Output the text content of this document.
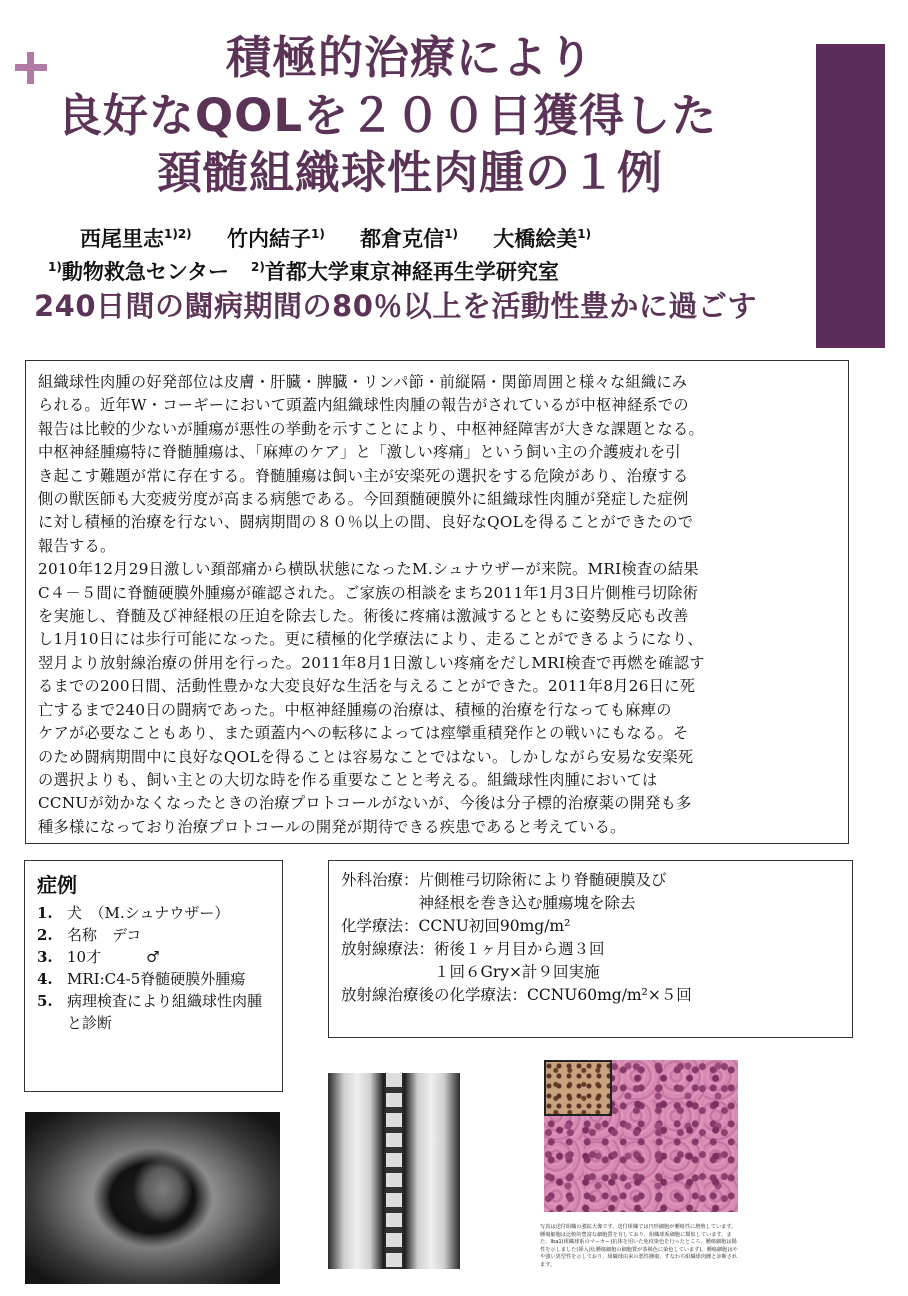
積極的治療により
良好なQOLを２００日獲得した
頚髄組織球性肉腫の１例
西尾里志$^{1)2)}$ 竹内結子$^{1)}$ 都倉克信$^{1)}$ 大橋絵美$^{1)}$
$^{1)}$動物救急センター $^{2)}$首都大学東京神経再生学研究室
240日間の闘病期間の80％以上を活動性豊かに過ごす

組織球性肉腫の好発部位は皮膚・肝臓・脾臓・リンパ節・前縦隔・関節周囲と様々な組織にみ

られる。近年W・コーギーにおいて頭蓋内組織球性肉腫の報告がされているが中枢神経系での

報告は比較的少ないが腫瘍が悪性の挙動を示すことにより、中枢神経障害が大きな課題となる。

中枢神経腫瘍特に脊髄腫瘍は、「麻痺のケア」と「激しい疼痛」という飼い主の介護疲れを引

き起こす難題が常に存在する。脊髄腫瘍は飼い主が安楽死の選択をする危険があり、治療する

側の獣医師も大変疲労度が高まる病態である。今回頚髄硬膜外に組織球性肉腫が発症した症例

に対し積極的治療を行ない、闘病期間の８０％以上の間、良好なQOLを得ることができたので

報告する。

2010年12月29日激しい頚部痛から横臥状態になったM.シュナウザーが来院。MRI検査の結果

C４－５間に脊髄硬膜外腫瘍が確認された。ご家族の相談をまち2011年1月3日片側椎弓切除術

を実施し、脊髄及び神経根の圧迫を除去した。術後に疼痛は激減するとともに姿勢反応も改善

し1月10日には歩行可能になった。更に積極的化学療法により、走ることができるようになり、

翌月より放射線治療の併用を行った。2011年8月1日激しい疼痛をだしMRI検査で再燃を確認す

るまでの200日間、活動性豊かな大変良好な生活を与えることができた。2011年8月26日に死

亡するまで240日の闘病であった。中枢神経腫瘍の治療は、積極的治療を行なっても麻痺の

ケアが必要なこともあり、また頭蓋内への転移によっては痙攣重積発作との戦いにもなる。そ

のため闘病期間中に良好なQOLを得ることは容易なことではない。しかしながら安易な安楽死

の選択よりも、飼い主との大切な時を作る重要なことと考える。組織球性肉腫においては

CCNUが効かなくなったときの治療プロトコールがないが、今後は分子標的治療薬の開発も多

種多様になっており治療プロトコールの開発が期待できる疾患であると考えている。

症例
1. 犬　（M.シュナウザー）
2. 名称　デコ
3. 10才　　　♂
4. MRI:C4-5脊髄硬膜外腫瘍
5. 病理検査により組織球性肉腫と診断
外科治療：片側椎弓切除術により脊髄硬膜及び
　　　　　神経根を巻き込む腫瘍塊を除去
化学療法：CCNU初回90mg/m²
放射線療法：術後１ヶ月目から週３回
　　　　　　１回６Gry×計９回実施
放射線治療後の化学療法：CCNU60mg/m²×５回
写真は送付組織の強拡大像です。送付組織では円形細胞が腫瘍性に増殖しています。腫瘍細胞は比較的豊富な細胞質を有しており、組織球系細胞に類似しています。また、Iba1(組織球系のマーカー)抗体を用いた免疫染色を行ったところ、腫瘍細胞は陽性を示しました(挿入図;腫瘍細胞の細胞質が茶褐色に染色しています)。腫瘍細胞はやや強い異型性を示しており、組織球由来の悪性腫瘍、すなわち組織球肉腫と診断されます。
